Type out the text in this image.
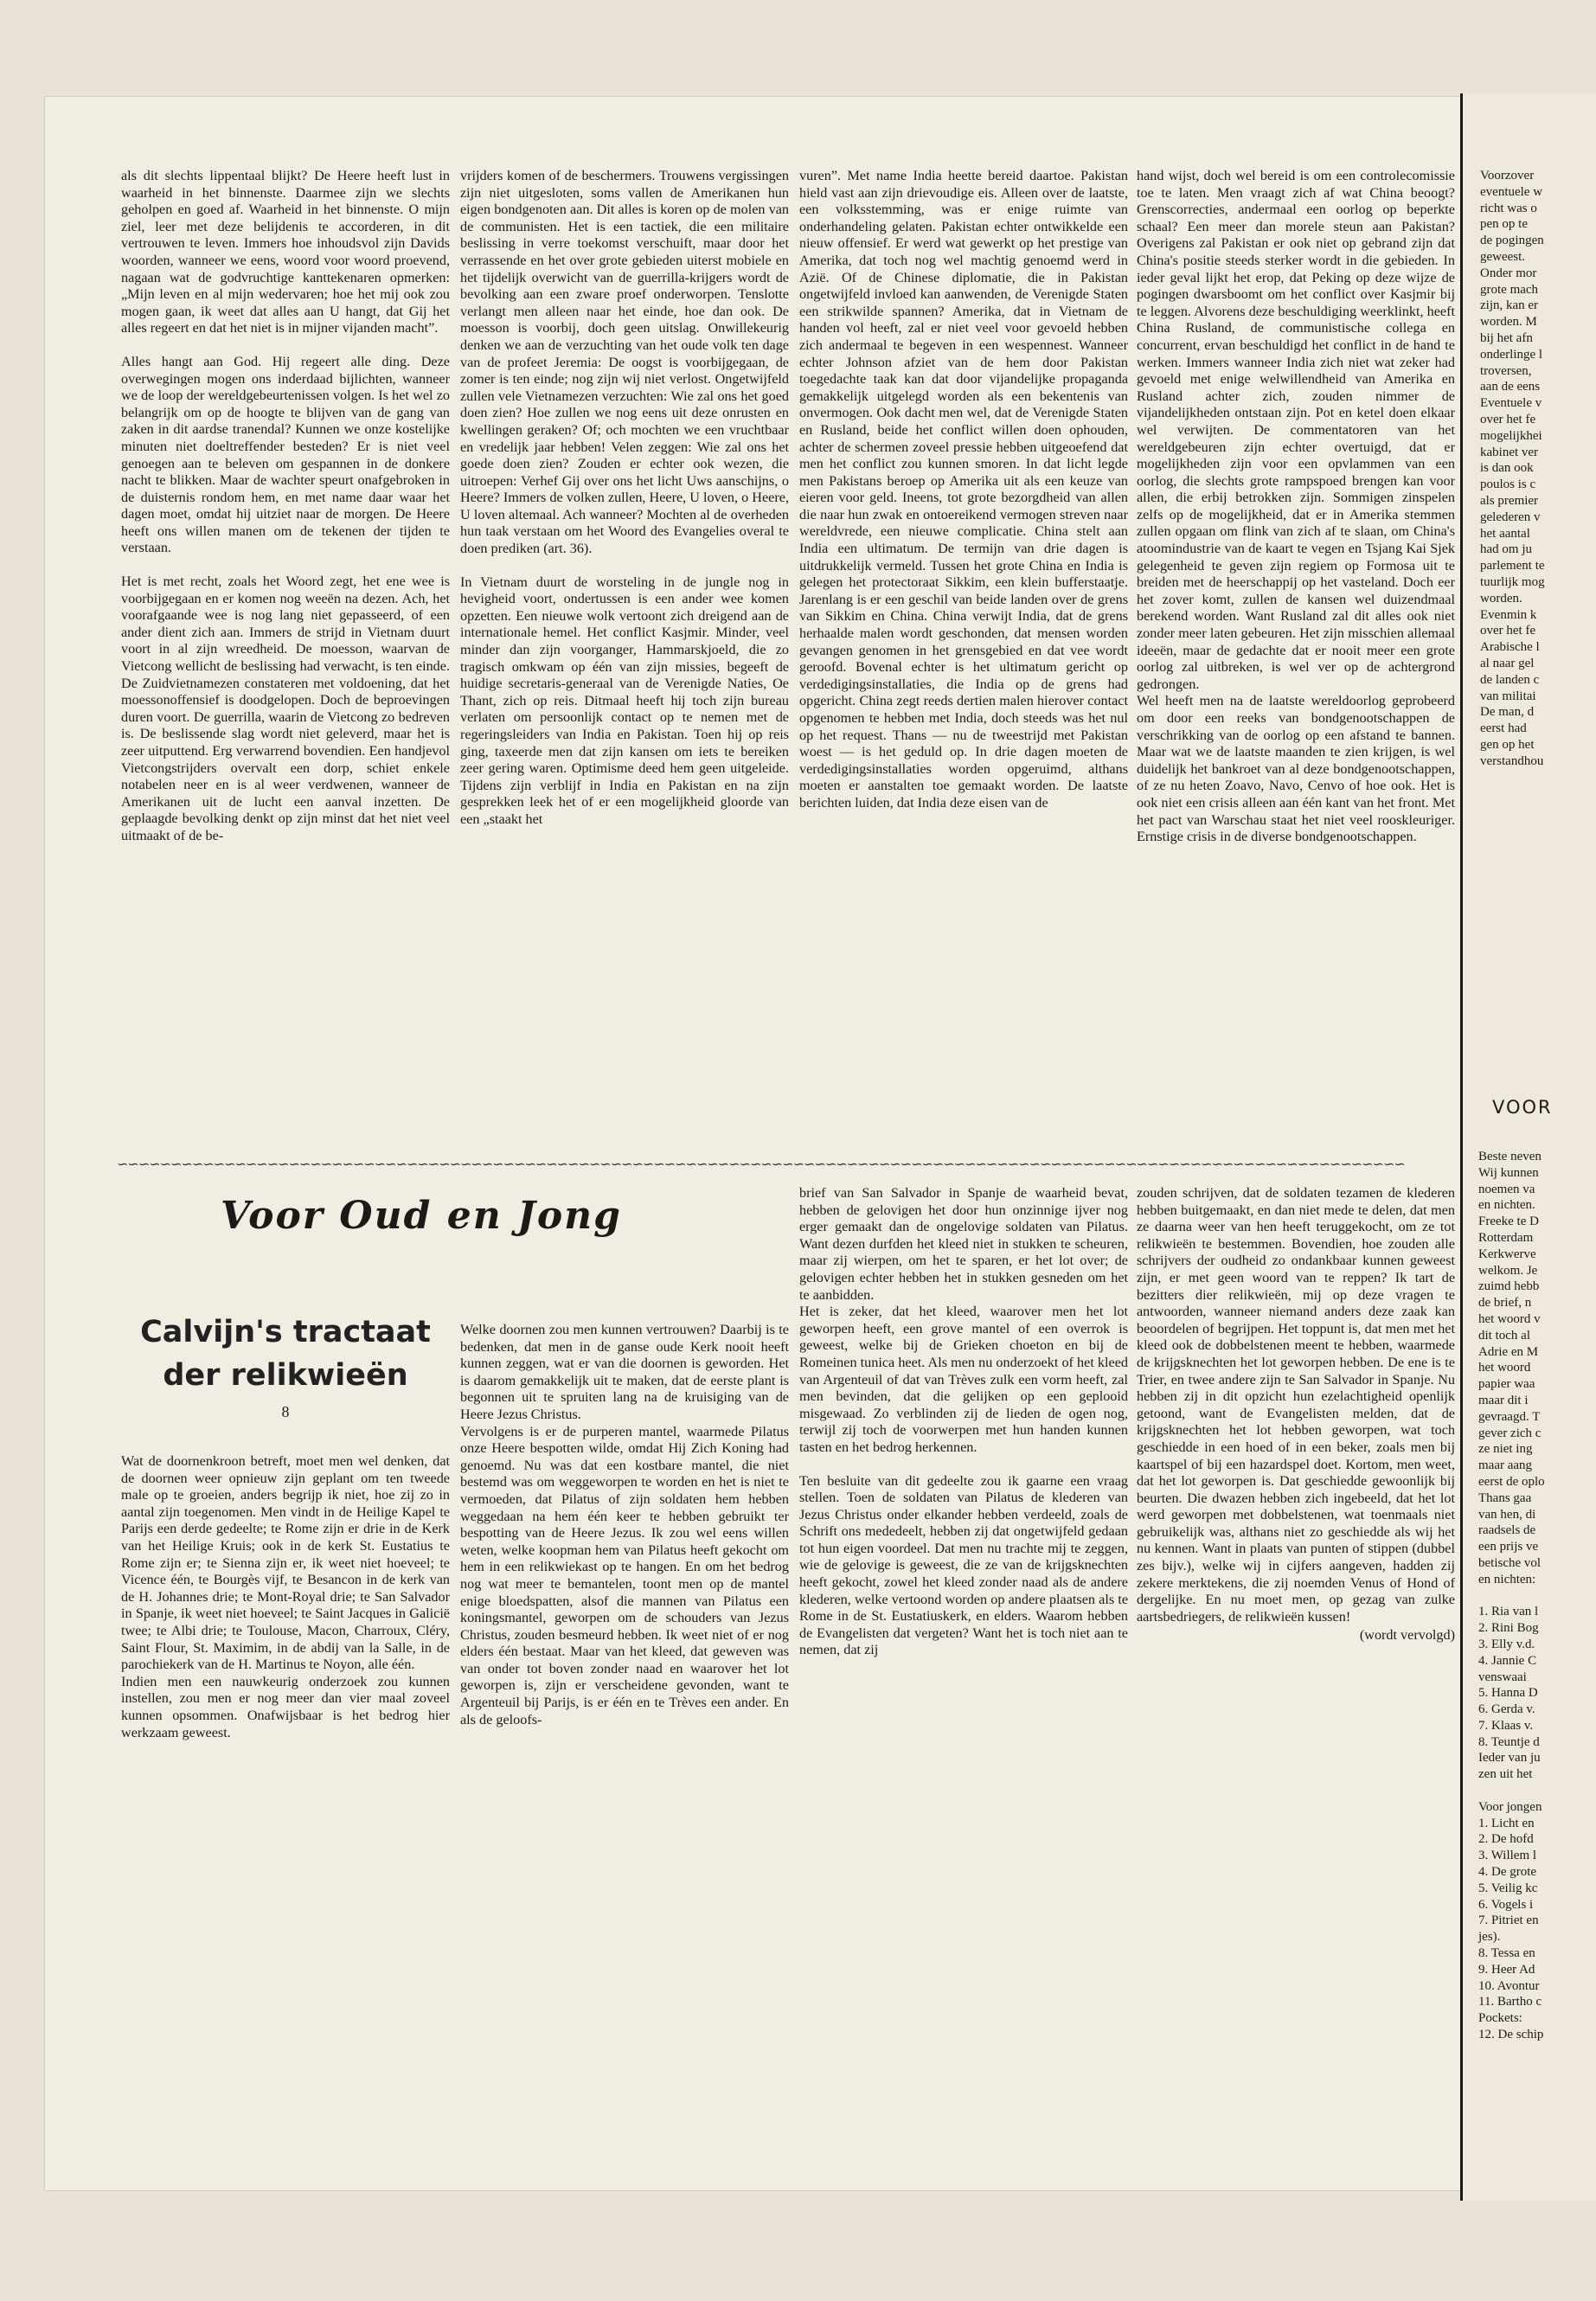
als dit slechts lippentaal blijkt? De Heere heeft lust in waarheid in het binnenste. Daarmee zijn we slechts geholpen en goed af. Waarheid in het binnenste. O mijn ziel, leer met deze belijdenis te accorderen, in dit vertrouwen te leven. Immers hoe inhoudsvol zijn Davids woorden, wanneer we eens, woord voor woord proevend, nagaan wat de godvruchtige kanttekenaren opmerken: „Mijn leven en al mijn wedervaren; hoe het mij ook zou mogen gaan, ik weet dat alles aan U hangt, dat Gij het alles regeert en dat het niet is in mijner vijanden macht”.

Alles hangt aan God. Hij regeert alle ding. Deze overwegingen mogen ons inderdaad bijlichten, wanneer we de loop der wereldgebeurtenissen volgen. Is het wel zo belangrijk om op de hoogte te blijven van de gang van zaken in dit aardse tranendal? Kunnen we onze kostelijke minuten niet doeltreffender besteden? Er is niet veel genoegen aan te beleven om gespannen in de donkere nacht te blikken. Maar de wachter speurt onafgebroken in de duisternis rondom hem, en met name daar waar het dagen moet, omdat hij uitziet naar de morgen. De Heere heeft ons willen manen om de tekenen der tijden te verstaan.

Het is met recht, zoals het Woord zegt, het ene wee is voorbijgegaan en er komen nog weeën na dezen. Ach, het voorafgaande wee is nog lang niet gepasseerd, of een ander dient zich aan. Immers de strijd in Vietnam duurt voort in al zijn wreedheid. De moesson, waarvan de Vietcong wellicht de beslissing had verwacht, is ten einde. De Zuidvietnamezen constateren met voldoening, dat het moessonoffensief is doodgelopen. Doch de beproevingen duren voort. De guerrilla, waarin de Vietcong zo bedreven is. De beslissende slag wordt niet geleverd, maar het is zeer uitputtend. Erg verwarrend bovendien. Een handjevol Vietcongstrijders overvalt een dorp, schiet enkele notabelen neer en is al weer verdwenen, wanneer de Amerikanen uit de lucht een aanval inzetten. De geplaagde bevolking denkt op zijn minst dat het niet veel uitmaakt of de be-

vrijders komen of de beschermers. Trouwens vergissingen zijn niet uitgesloten, soms vallen de Amerikanen hun eigen bondgenoten aan. Dit alles is koren op de molen van de communisten. Het is een tactiek, die een militaire beslissing in verre toekomst verschuift, maar door het verrassende en het over grote gebieden uiterst mobiele en het tijdelijk overwicht van de guerrilla-krijgers wordt de bevolking aan een zware proef onderworpen. Tenslotte verlangt men alleen naar het einde, hoe dan ook. De moesson is voorbij, doch geen uitslag. Onwillekeurig denken we aan de verzuchting van het oude volk ten dage van de profeet Jeremia: De oogst is voorbijgegaan, de zomer is ten einde; nog zijn wij niet verlost. Ongetwijfeld zullen vele Vietnamezen verzuchten: Wie zal ons het goed doen zien? Hoe zullen we nog eens uit deze onrusten en kwellingen geraken? Of; och mochten we een vruchtbaar en vredelijk jaar hebben! Velen zeggen: Wie zal ons het goede doen zien? Zouden er echter ook wezen, die uitroepen: Verhef Gij over ons het licht Uws aanschijns, o Heere? Immers de volken zullen, Heere, U loven, o Heere, U loven altemaal. Ach wanneer? Mochten al de overheden hun taak verstaan om het Woord des Evangelies overal te doen prediken (art. 36).

In Vietnam duurt de worsteling in de jungle nog in hevigheid voort, ondertussen is een ander wee komen opzetten. Een nieuwe wolk vertoont zich dreigend aan de internationale hemel. Het conflict Kasjmir. Minder, veel minder dan zijn voorganger, Hammarskjoeld, die zo tragisch omkwam op één van zijn missies, begeeft de huidige secretaris-generaal van de Verenigde Naties, Oe Thant, zich op reis. Ditmaal heeft hij toch zijn bureau verlaten om persoonlijk contact op te nemen met de regeringsleiders van India en Pakistan. Toen hij op reis ging, taxeerde men dat zijn kansen om iets te bereiken zeer gering waren. Optimisme deed hem geen uitgeleide. Tijdens zijn verblijf in India en Pakistan en na zijn gesprekken leek het of er een mogelijkheid gloorde van een „staakt het

vuren”. Met name India heette bereid daartoe. Pakistan hield vast aan zijn drievoudige eis. Alleen over de laatste, een volksstemming, was er enige ruimte van onderhandeling gelaten. Pakistan echter ontwikkelde een nieuw offensief. Er werd wat gewerkt op het prestige van Amerika, dat toch nog wel machtig genoemd werd in Azië. Of de Chinese diplomatie, die in Pakistan ongetwijfeld invloed kan aanwenden, de Verenigde Staten een strikwilde spannen? Amerika, dat in Vietnam de handen vol heeft, zal er niet veel voor gevoeld hebben zich andermaal te begeven in een wespennest. Wanneer echter Johnson afziet van de hem door Pakistan toegedachte taak kan dat door vijandelijke propaganda gemakkelijk uitgelegd worden als een bekentenis van onvermogen. Ook dacht men wel, dat de Verenigde Staten en Rusland, beide het conflict willen doen ophouden, achter de schermen zoveel pressie hebben uitgeoefend dat men het conflict zou kunnen smoren. In dat licht legde men Pakistans beroep op Amerika uit als een keuze van eieren voor geld. Ineens, tot grote bezorgdheid van allen die naar hun zwak en ontoereikend vermogen streven naar wereldvrede, een nieuwe complicatie. China stelt aan India een ultimatum. De termijn van drie dagen is uitdrukkelijk vermeld. Tussen het grote China en India is gelegen het protectoraat Sikkim, een klein bufferstaatje. Jarenlang is er een geschil van beide landen over de grens van Sikkim en China. China verwijt India, dat de grens herhaalde malen wordt geschonden, dat mensen worden gevangen genomen in het grensgebied en dat vee wordt geroofd. Bovenal echter is het ultimatum gericht op verdedigingsinstallaties, die India op de grens had opgericht. China zegt reeds dertien malen hierover contact opgenomen te hebben met India, doch steeds was het nul op het request. Thans — nu de tweestrijd met Pakistan woest — is het geduld op. In drie dagen moeten de verdedigingsinstallaties worden opgeruimd, althans moeten er aanstalten toe gemaakt worden. De laatste berichten luiden, dat India deze eisen van de

hand wijst, doch wel bereid is om een controlecomissie toe te laten. Men vraagt zich af wat China beoogt? Grenscorrecties, andermaal een oorlog op beperkte schaal? Een meer dan morele steun aan Pakistan? Overigens zal Pakistan er ook niet op gebrand zijn dat China's positie steeds sterker wordt in die gebieden. In ieder geval lijkt het erop, dat Peking op deze wijze de pogingen dwarsboomt om het conflict over Kasjmir bij te leggen. Alvorens deze beschuldiging weerklinkt, heeft China Rusland, de communistische collega en concurrent, ervan beschuldigd het conflict in de hand te werken. Immers wanneer India zich niet wat zeker had gevoeld met enige welwillendheid van Amerika en Rusland achter zich, zouden nimmer de vijandelijkheden ontstaan zijn. Pot en ketel doen elkaar wel verwijten. De commentatoren van het wereldgebeuren zijn echter overtuigd, dat er mogelijkheden zijn voor een opvlammen van een oorlog, die slechts grote rampspoed brengen kan voor allen, die erbij betrokken zijn. Sommigen zinspelen zelfs op de mogelijkheid, dat er in Amerika stemmen zullen opgaan om flink van zich af te slaan, om China's atoomindustrie van de kaart te vegen en Tsjang Kai Sjek gelegenheid te geven zijn regiem op Formosa uit te breiden met de heerschappij op het vasteland. Doch eer het zover komt, zullen de kansen wel duizendmaal berekend worden. Want Rusland zal dit alles ook niet zonder meer laten gebeuren. Het zijn misschien allemaal ideeën, maar de gedachte dat er nooit meer een grote oorlog zal uitbreken, is wel ver op de achtergrond gedrongen.

Wel heeft men na de laatste wereldoorlog geprobeerd om door een reeks van bondgenootschappen de verschrikking van de oorlog op een afstand te bannen. Maar wat we de laatste maanden te zien krijgen, is wel duidelijk het bankroet van al deze bondgenootschappen, of ze nu heten Zoavo, Navo, Cenvo of hoe ook. Het is ook niet een crisis alleen aan één kant van het front. Met het pact van Warschau staat het niet veel rooskleuriger. Ernstige crisis in de diverse bondgenootschappen.

∽∽∽∽∽∽∽∽∽∽∽∽∽∽∽∽∽∽∽∽∽∽∽∽∽∽∽∽∽∽∽∽∽∽∽∽∽∽∽∽∽∽∽∽∽∽∽∽∽∽∽∽∽∽∽∽∽∽∽∽∽∽∽∽∽∽∽∽∽∽∽∽∽∽∽∽∽∽∽∽∽∽∽∽∽∽∽∽∽∽∽∽∽∽∽∽∽∽∽∽∽∽∽∽∽∽∽∽∽∽∽∽∽∽∽∽∽∽∽∽
Voor Oud en Jong
Calvijn's tractaat
der relikwieën
8

Wat de doornenkroon betreft, moet men wel denken, dat de doornen weer opnieuw zijn geplant om ten tweede male op te groeien, anders begrijp ik niet, hoe zij zo in aantal zijn toegenomen. Men vindt in de Heilige Kapel te Parijs een derde gedeelte; te Rome zijn er drie in de Kerk van het Heilige Kruis; ook in de kerk St. Eustatius te Rome zijn er; te Sienna zijn er, ik weet niet hoeveel; te Vicence één, te Bourgès vijf, te Besancon in de kerk van de H. Johannes drie; te Mont-Royal drie; te San Salvador in Spanje, ik weet niet hoeveel; te Saint Jacques in Galicië twee; te Albi drie; te Toulouse, Macon, Charroux, Cléry, Saint Flour, St. Maximim, in de abdij van la Salle, in de parochiekerk van de H. Martinus te Noyon, alle één.

Indien men een nauwkeurig onderzoek zou kunnen instellen, zou men er nog meer dan vier maal zoveel kunnen opsommen. Onafwijsbaar is het bedrog hier werkzaam geweest.

Welke doornen zou men kunnen vertrouwen? Daarbij is te bedenken, dat men in de ganse oude Kerk nooit heeft kunnen zeggen, wat er van die doornen is geworden. Het is daarom gemakkelijk uit te maken, dat de eerste plant is begonnen uit te spruiten lang na de kruisiging van de Heere Jezus Christus.

Vervolgens is er de purperen mantel, waarmede Pilatus onze Heere bespotten wilde, omdat Hij Zich Koning had genoemd. Nu was dat een kostbare mantel, die niet bestemd was om weggeworpen te worden en het is niet te vermoeden, dat Pilatus of zijn soldaten hem hebben weggedaan na hem één keer te hebben gebruikt ter bespotting van de Heere Jezus. Ik zou wel eens willen weten, welke koopman hem van Pilatus heeft gekocht om hem in een relikwiekast op te hangen. En om het bedrog nog wat meer te bemantelen, toont men op de mantel enige bloedspatten, alsof die mannen van Pilatus een koningsmantel, geworpen om de schouders van Jezus Christus, zouden besmeurd hebben. Ik weet niet of er nog elders één bestaat. Maar van het kleed, dat geweven was van onder tot boven zonder naad en waarover het lot geworpen is, zijn er verscheidene gevonden, want te Argenteuil bij Parijs, is er één en te Trèves een ander. En als de geloofs-

brief van San Salvador in Spanje de waarheid bevat, hebben de gelovigen het door hun onzinnige ijver nog erger gemaakt dan de ongelovige soldaten van Pilatus. Want dezen durfden het kleed niet in stukken te scheuren, maar zij wierpen, om het te sparen, er het lot over; de gelovigen echter hebben het in stukken gesneden om het te aanbidden.

Het is zeker, dat het kleed, waarover men het lot geworpen heeft, een grove mantel of een overrok is geweest, welke bij de Grieken choeton en bij de Romeinen tunica heet. Als men nu onderzoekt of het kleed van Argenteuil of dat van Trèves zulk een vorm heeft, zal men bevinden, dat die gelijken op een geplooid misgewaad. Zo verblinden zij de lieden de ogen nog, terwijl zij toch de voorwerpen met hun handen kunnen tasten en het bedrog herkennen.

Ten besluite van dit gedeelte zou ik gaarne een vraag stellen. Toen de soldaten van Pilatus de klederen van Jezus Christus onder elkander hebben verdeeld, zoals de Schrift ons mededeelt, hebben zij dat ongetwijfeld gedaan tot hun eigen voordeel. Dat men nu trachte mij te zeggen, wie de gelovige is geweest, die ze van de krijgsknechten heeft gekocht, zowel het kleed zonder naad als de andere klederen, welke vertoond worden op andere plaatsen als te Rome in de St. Eustatiuskerk, en elders. Waarom hebben de Evangelisten dat vergeten? Want het is toch niet aan te nemen, dat zij

zouden schrijven, dat de soldaten tezamen de klederen hebben buitgemaakt, en dan niet mede te delen, dat men ze daarna weer van hen heeft teruggekocht, om ze tot relikwieën te bestemmen. Bovendien, hoe zouden alle schrijvers der oudheid zo ondankbaar kunnen geweest zijn, er met geen woord van te reppen? Ik tart de bezitters dier relikwieën, mij op deze vragen te antwoorden, wanneer niemand anders deze zaak kan beoordelen of begrijpen. Het toppunt is, dat men met het kleed ook de dobbelstenen meent te hebben, waarmede de krijgsknechten het lot geworpen hebben. De ene is te Trier, en twee andere zijn te San Salvador in Spanje. Nu hebben zij in dit opzicht hun ezelachtigheid openlijk getoond, want de Evangelisten melden, dat de krijgsknechten het lot hebben geworpen, wat toch geschiedde in een hoed of in een beker, zoals men bij kaartspel of bij een hazardspel doet. Kortom, men weet, dat het lot geworpen is. Dat geschiedde gewoonlijk bij beurten. Die dwazen hebben zich ingebeeld, dat het lot werd geworpen met dobbelstenen, wat toenmaals niet gebruikelijk was, althans niet zo geschiedde als wij het nu kennen. Want in plaats van punten of stippen (dubbel zes bijv.), welke wij in cijfers aangeven, hadden zij zekere merktekens, die zij noemden Venus of Hond of dergelijke. En nu moet men, op gezag van zulke aartsbedriegers, de relikwieën kussen!

(wordt vervolgd)
Voorzover
eventuele w
richt was o
pen op te
de pogingen
geweest.
Onder mor
grote mach
zijn, kan er
worden. M
bij het afn
onderlinge l
troversen,
aan de eens
Eventuele v
over het fe
mogelijkhei
kabinet ver
is dan ook
poulos is c
als premier
gelederen v
het aantal
had om ju
parlement te
tuurlijk mog
worden.
Evenmin k
over het fe
Arabische l
al naar gel
de landen c
van militai
De man, d
eerst had
gen op het
verstandhou
VOOR
Beste neven
Wij kunnen
noemen va
en nichten.
Freeke te D
Rotterdam
Kerkwerve
welkom. Je
zuimd hebb
de brief, n
het woord v
dit toch al
Adrie en M
het woord
papier waa
maar dit i
gevraagd. T
gever zich c
ze niet ing
maar aang
eerst de oplo
Thans gaa
van hen, di
raadsels de
een prijs ve
betische vol
en nichten:

1. Ria van l
2. Rini Bog
3. Elly v.d.
4. Jannie C
venswaai
5. Hanna D
6. Gerda v.
7. Klaas v.
8. Teuntje d
Ieder van ju
zen uit het

Voor jongen
1. Licht en
2. De hofd
3. Willem l
4. De grote
5. Veilig kc
6. Vogels i
7. Pitriet en
jes).
8. Tessa en
9. Heer Ad
10. Avontur
11. Bartho c
Pockets:
12. De schip
